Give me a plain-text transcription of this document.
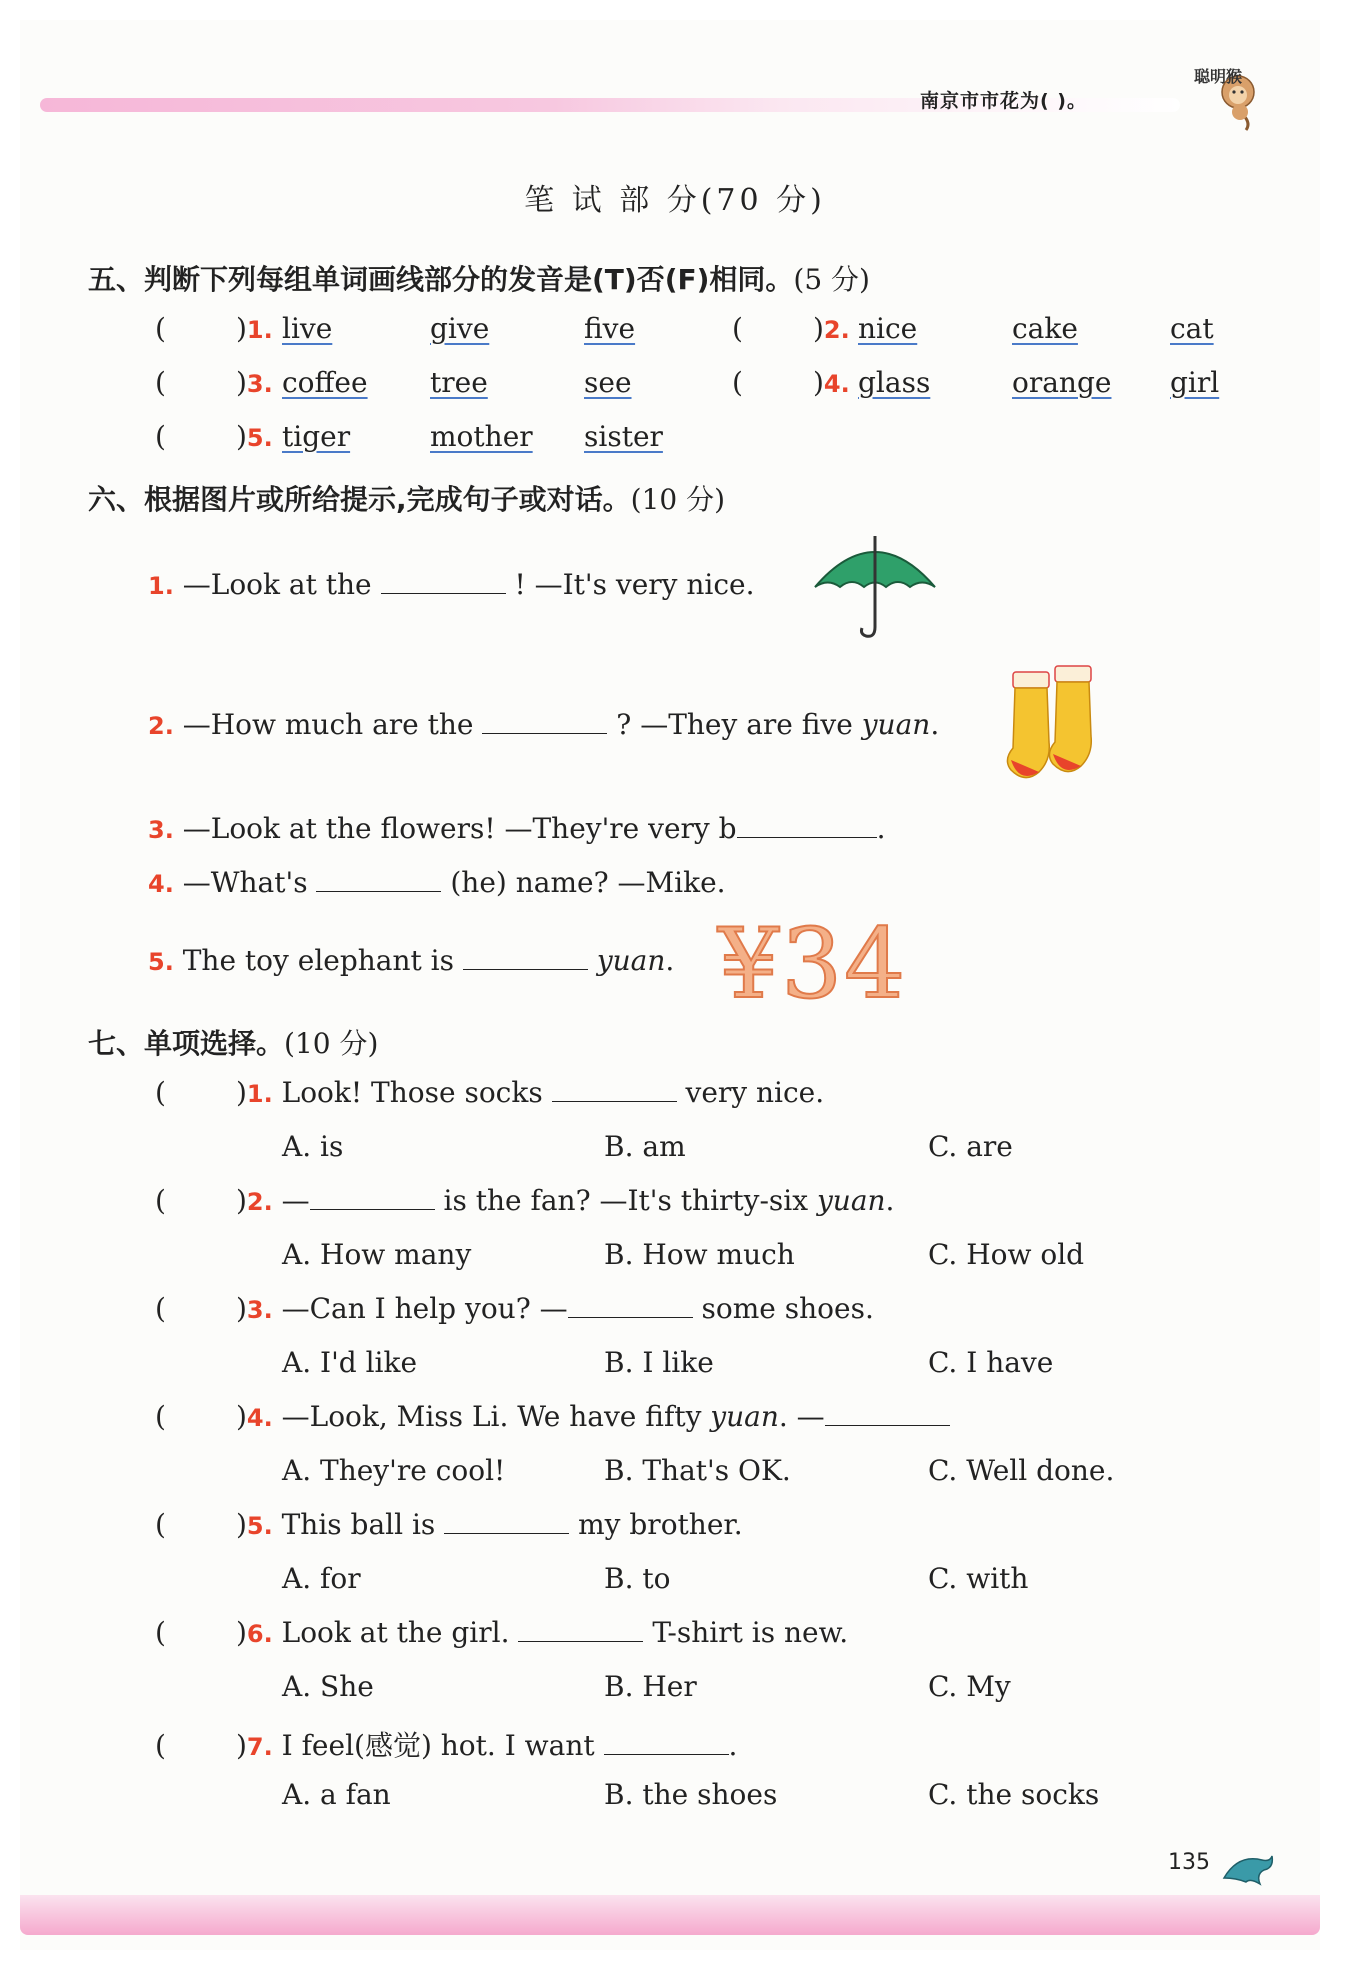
南京市市花为( )。
聪明猴
笔 试 部 分(70 分)
五、判断下列每组单词画线部分的发音是(T)否(F)相同。(5 分)
(	)1. live	give	five	(	)2. nice	cake	cat
(	)3. coffee tree	see	(	)4. glass	orange girl
(	)5. tiger	mother sister
六、根据图片或所给提示,完成句子或对话。(10 分)
1. —Look at the	! —It's very nice.
2. —How much are the	? —They are five yuan.
3. —Look at the flowers! —They're very b	.
4. —What's	(he) name? —Mike.
5. The toy elephant is	yuan. ¥34
七、单项选择。(10 分)
(	)1. Look! Those socks	very nice.
A. is	B. am	C. are
(	)2. —	is the fan? —It's thirty-six yuan.
A. How many	B. How much	C. How old
(	)3. —Can I help you? —	some shoes.
A. I'd like	B. I like	C. I have
(	)4. —Look, Miss Li. We have fifty yuan. —
A. They're cool!	B. That's OK.	C. Well done.
(	)5. This ball is	my brother.
A. for	B. to	C. with
(	)6. Look at the girl.	T-shirt is new.
A. She	B. Her	C. My
(	)7. I feel(感觉) hot. I want	.
A. a fan	B. the shoes	C. the socks
135
